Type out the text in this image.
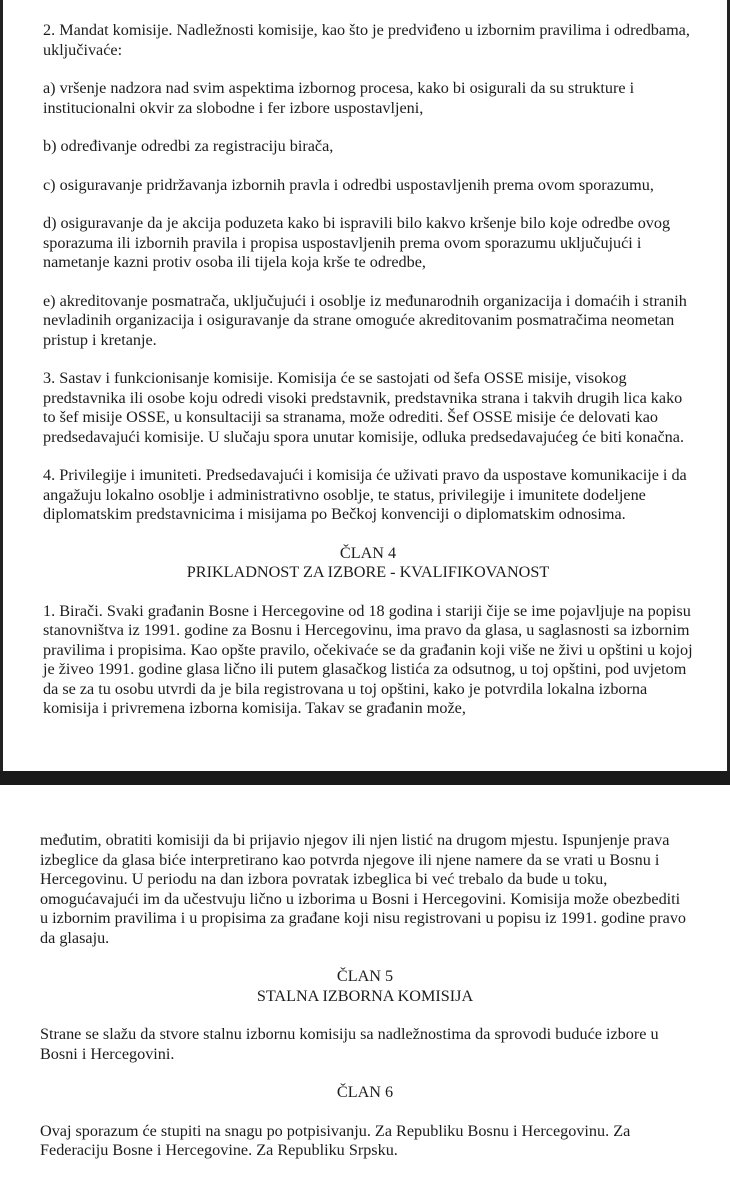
2. Mandat komisije. Nadležnosti komisije, kao što je predviđeno u izbornim pravilima i odredbama, uključivaće:

a) vršenje nadzora nad svim aspektima izbornog procesa, kako bi osigurali da su strukture i institucionalni okvir za slobodne i fer izbore uspostavljeni,

b) određivanje odredbi za registraciju birača,

c) osiguravanje pridržavanja izbornih pravla i odredbi uspostavljenih prema ovom sporazumu,

d) osiguravanje da je akcija poduzeta kako bi ispravili bilo kakvo kršenje bilo koje odredbe ovog sporazuma ili izbornih pravila i propisa uspostavljenih prema ovom sporazumu uključujući i nametanje kazni protiv osoba ili tijela koja krše te odredbe,

e) akreditovanje posmatrača, uključujući i osoblje iz međunarodnih organizacija i domaćih i stranih nevladinih organizacija i osiguravanje da strane omoguće akreditovanim posmatračima neometan pristup i kretanje.

3. Sastav i funkcionisanje komisije. Komisija će se sastojati od šefa OSSE misije, visokog predstavnika ili osobe koju odredi visoki predstavnik, predstavnika strana i takvih drugih lica kako to šef misije OSSE, u konsultaciji sa stranama, može odrediti. Šef OSSE misije će delovati kao predsedavajući komisije. U slučaju spora unutar komisije, odluka predsedavajućeg će biti konačna.

4. Privilegije i imuniteti. Predsedavajući i komisija će uživati pravo da uspostave komunikacije i da angažuju lokalno osoblje i administrativno osoblje, te status, privilegije i imunitete dodeljene diplomatskim predstavnicima i misijama po Bečkoj konvenciji o diplomatskim odnosima.

ČLAN 4
PRIKLADNOST ZA IZBORE - KVALIFIKOVANOST

1. Birači. Svaki građanin Bosne i Hercegovine od 18 godina i stariji čije se ime pojavljuje na popisu stanovništva iz 1991. godine za Bosnu i Hercegovinu, ima pravo da glasa, u saglasnosti sa izbornim pravilima i propisima. Kao opšte pravilo, očekivaće se da građanin koji više ne živi u opštini u kojoj je živeo 1991. godine glasa lično ili putem glasačkog listića za odsutnog, u toj opštini, pod uvjetom da se za tu osobu utvrdi da je bila registrovana u toj opštini, kako je potvrdila lokalna izborna komisija i privremena izborna komisija. Takav se građanin može,

međutim, obratiti komisiji da bi prijavio njegov ili njen listić na drugom mjestu. Ispunjenje prava izbeglice da glasa biće interpretirano kao potvrda njegove ili njene namere da se vrati u Bosnu i Hercegovinu. U periodu na dan izbora povratak izbeglica bi već trebalo da bude u toku, omogućavajući im da učestvuju lično u izborima u Bosni i Hercegovini. Komisija može obezbediti u izbornim pravilima i u propisima za građane koji nisu registrovani u popisu iz 1991. godine pravo da glasaju.

ČLAN 5
STALNA IZBORNA KOMISIJA

Strane se slažu da stvore stalnu izbornu komisiju sa nadležnostima da sprovodi buduće izbore u Bosni i Hercegovini.

ČLAN 6

Ovaj sporazum će stupiti na snagu po potpisivanju. Za Republiku Bosnu i Hercegovinu. Za Federaciju Bosne i Hercegovine. Za Republiku Srpsku.
